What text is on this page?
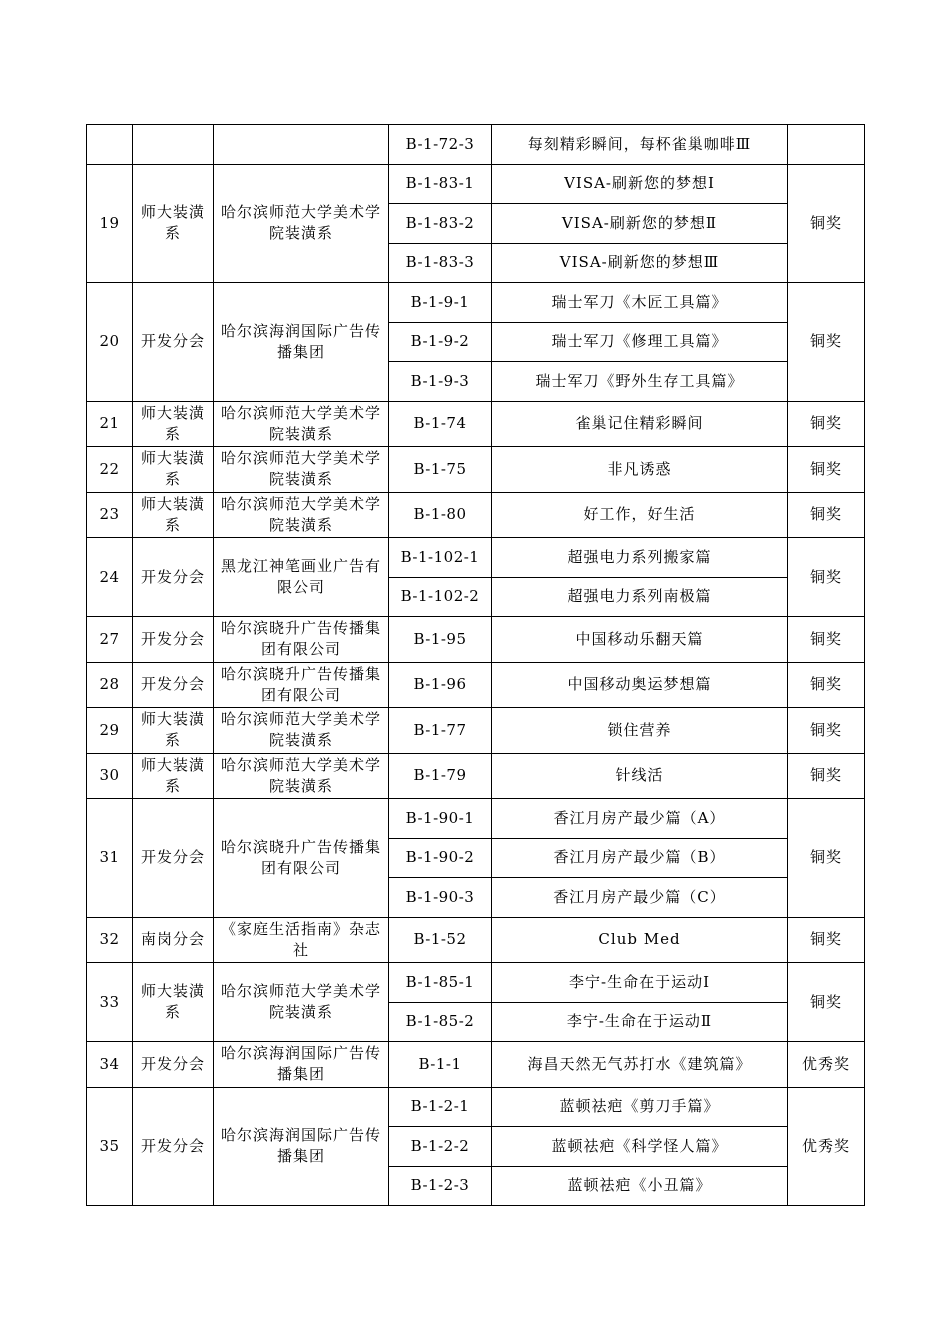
			B-1-72-3	每刻精彩瞬间，每杯雀巢咖啡Ⅲ	
19	师大装潢系	哈尔滨师范大学美术学院装潢系	B-1-83-1	VISA-刷新您的梦想Ⅰ	铜奖
			B-1-83-2	VISA-刷新您的梦想Ⅱ	
			B-1-83-3	VISA-刷新您的梦想Ⅲ	
20	开发分会	哈尔滨海润国际广告传播集团	B-1-9-1	瑞士军刀《木匠工具篇》	铜奖
			B-1-9-2	瑞士军刀《修理工具篇》	
			B-1-9-3	瑞士军刀《野外生存工具篇》	
21	师大装潢系	哈尔滨师范大学美术学院装潢系	B-1-74	雀巢记住精彩瞬间	铜奖
22	师大装潢系	哈尔滨师范大学美术学院装潢系	B-1-75	非凡诱惑	铜奖
23	师大装潢系	哈尔滨师范大学美术学院装潢系	B-1-80	好工作，好生活	铜奖
24	开发分会	黑龙江神笔画业广告有限公司	B-1-102-1	超强电力系列搬家篇	铜奖
			B-1-102-2	超强电力系列南极篇	
27	开发分会	哈尔滨晓升广告传播集团有限公司	B-1-95	中国移动乐翻天篇	铜奖
28	开发分会	哈尔滨晓升广告传播集团有限公司	B-1-96	中国移动奥运梦想篇	铜奖
29	师大装潢系	哈尔滨师范大学美术学院装潢系	B-1-77	锁住营养	铜奖
30	师大装潢系	哈尔滨师范大学美术学院装潢系	B-1-79	针线活	铜奖
31	开发分会	哈尔滨晓升广告传播集团有限公司	B-1-90-1	香江月房产最少篇（A）	铜奖
			B-1-90-2	香江月房产最少篇（B）	
			B-1-90-3	香江月房产最少篇（C）	
32	南岗分会	《家庭生活指南》杂志社	B-1-52	Club Med	铜奖
33	师大装潢系	哈尔滨师范大学美术学院装潢系	B-1-85-1	李宁-生命在于运动Ⅰ	铜奖
			B-1-85-2	李宁-生命在于运动Ⅱ	
34	开发分会	哈尔滨海润国际广告传播集团	B-1-1	海昌天然无气苏打水《建筑篇》	优秀奖
35	开发分会	哈尔滨海润国际广告传播集团	B-1-2-1	蓝顿祛疤《剪刀手篇》	优秀奖
			B-1-2-2	蓝顿祛疤《科学怪人篇》	
			B-1-2-3	蓝顿祛疤《小丑篇》	
